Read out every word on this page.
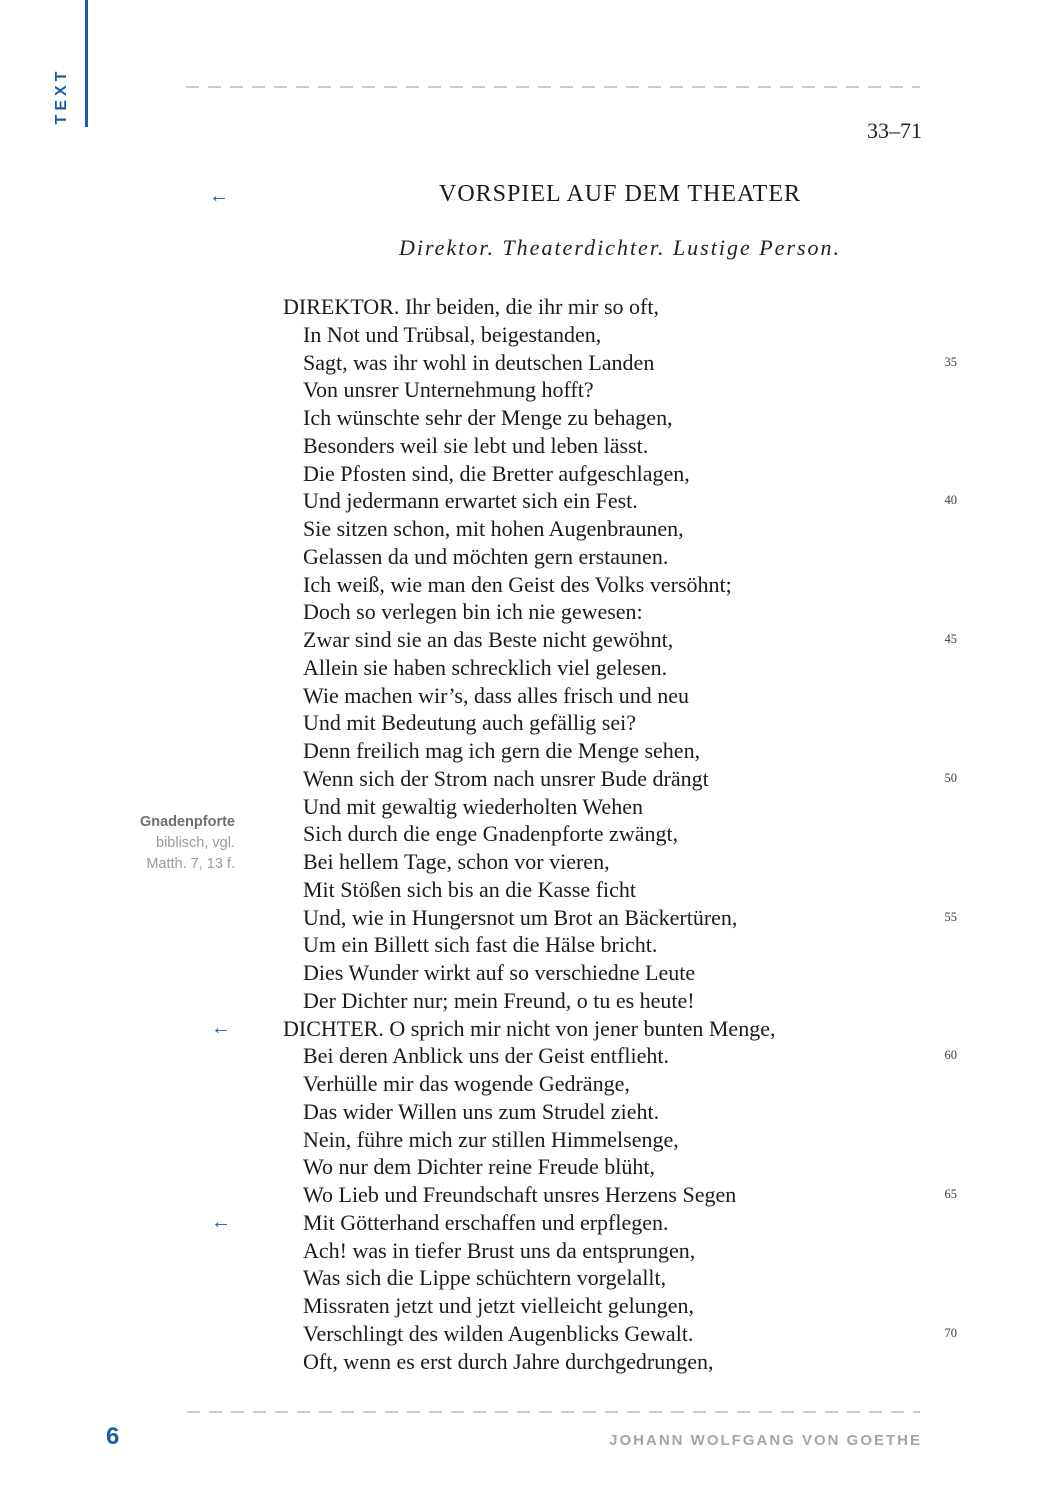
TEXT
33–71
←	VORSPIEL AUF DEM THEATER
Direktor. Theaterdichter. Lustige Person.
Gnadenpforte
biblisch, vgl.
Matth. 7, 13 f.
DIREKTOR. Ihr beiden, die ihr mir so oft,
In Not und Trübsal, beigestanden,
Sagt, was ihr wohl in deutschen Landen	35
Von unsrer Unternehmung hofft?
Ich wünschte sehr der Menge zu behagen,
Besonders weil sie lebt und leben lässt.
Die Pfosten sind, die Bretter aufgeschlagen,
Und jedermann erwartet sich ein Fest.	40
Sie sitzen schon, mit hohen Augenbraunen,
Gelassen da und möchten gern erstaunen.
Ich weiß, wie man den Geist des Volks versöhnt;
Doch so verlegen bin ich nie gewesen:
Zwar sind sie an das Beste nicht gewöhnt,	45
Allein sie haben schrecklich viel gelesen.
Wie machen wir’s, dass alles frisch und neu
Und mit Bedeutung auch gefällig sei?
Denn freilich mag ich gern die Menge sehen,
Wenn sich der Strom nach unsrer Bude drängt	50
Und mit gewaltig wiederholten Wehen
Sich durch die enge Gnadenpforte zwängt,
Bei hellem Tage, schon vor vieren,
Mit Stößen sich bis an die Kasse ficht
Und, wie in Hungersnot um Brot an Bäckertüren,	55
Um ein Billett sich fast die Hälse bricht.
Dies Wunder wirkt auf so verschiedne Leute
Der Dichter nur; mein Freund, o tu es heute!
← DICHTER. O sprich mir nicht von jener bunten Menge,
Bei deren Anblick uns der Geist entflieht.	60
Verhülle mir das wogende Gedränge,
Das wider Willen uns zum Strudel zieht.
Nein, führe mich zur stillen Himmelsenge,
Wo nur dem Dichter reine Freude blüht,
Wo Lieb und Freundschaft unsres Herzens Segen	65
←	Mit Götterhand erschaffen und erpflegen.
Ach! was in tiefer Brust uns da entsprungen,
Was sich die Lippe schüchtern vorgelallt,
Missraten jetzt und jetzt vielleicht gelungen,
Verschlingt des wilden Augenblicks Gewalt.	70
Oft, wenn es erst durch Jahre durchgedrungen,
6	JOHANN WOLFGANG VON GOETHE
